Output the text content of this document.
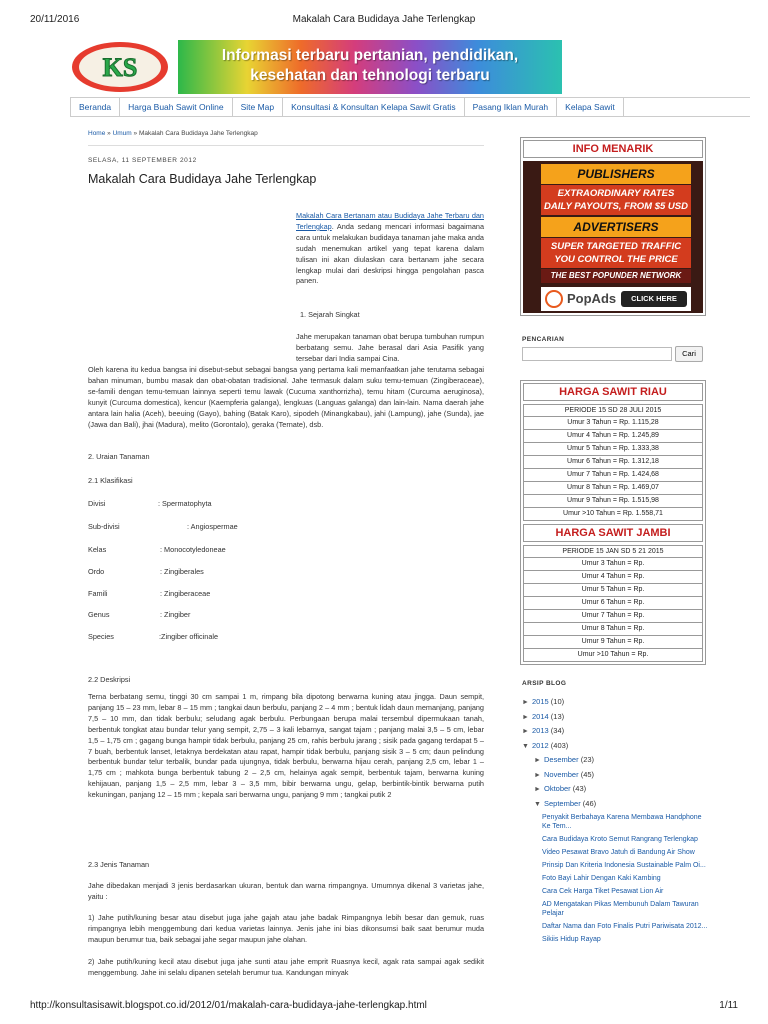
20/11/2016	Makalah Cara Budidaya Jahe Terlengkap
KS	Informasi terbaru pertanian, pendidikan,
kesehatan dan tehnologi terbaru
Beranda	Harga Buah Sawit Online	Site Map	Konsultasi & Konsultan Kelapa Sawit Gratis	Pasang Iklan Murah	Kelapa Sawit
Home » Umum » Makalah Cara Budidaya Jahe Terlengkap
SELASA, 11 SEPTEMBER 2012
Makalah Cara Budidaya Jahe Terlengkap
Makalah Cara Bertanam atau Budidaya Jahe Terbaru dan Terlengkap. Anda sedang mencari informasi bagaimana cara untuk melakukan budidaya tanaman jahe maka anda sudah menemukan artikel yang tepat karena dalam tulisan ini akan diulaskan cara bertanam jahe secara lengkap mulai dari deskripsi hingga pengolahan pasca panen.
1. Sejarah Singkat
Jahe merupakan tanaman obat berupa tumbuhan rumpun berbatang semu. Jahe berasal dari Asia Pasifik yang tersebar dari India sampai Cina.
Oleh karena itu kedua bangsa ini disebut-sebut sebagai bangsa yang pertama kali memanfaatkan jahe terutama sebagai bahan minuman, bumbu masak dan obat-obatan tradisional. Jahe termasuk dalam suku temu-temuan (Zingiberaceae), se-famili dengan temu-temuan lainnya seperti temu lawak (Cucuma xanthorrizha), temu hitam (Curcuma aeruginosa), kunyit (Curcuma domestica), kencur (Kaempferia galanga), lengkuas (Languas galanga) dan lain-lain. Nama daerah jahe antara lain halia (Aceh), beeuing (Gayo), bahing (Batak Karo), sipodeh (Minangkabau), jahi (Lampung), jahe (Sunda), jae (Jawa dan Bali), jhai (Madura), melito (Gorontalo), geraka (Ternate), dsb.
2. Uraian Tanaman
2.1 Klasifikasi
Divisi	: Spermatophyta
Sub-divisi	: Angiospermae
Kelas	: Monocotyledoneae
Ordo	: Zingiberales
Famili	: Zingiberaceae
Genus	: Zingiber
Species	:Zingiber officinale
2.2 Deskripsi
Terna berbatang semu, tinggi 30 cm sampai 1 m, rimpang bila dipotong berwarna kuning atau jingga. Daun sempit, panjang 15 – 23 mm, lebar 8 – 15 mm ; tangkai daun berbulu, panjang 2 – 4 mm ; bentuk lidah daun memanjang, panjang 7,5 – 10 mm, dan tidak berbulu; seludang agak berbulu. Perbungaan berupa malai tersembul dipermukaan tanah, berbentuk tongkat atau bundar telur yang sempit, 2,75 – 3 kali lebarnya, sangat tajam ; panjang malai 3,5 – 5 cm, lebar 1,5 – 1,75 cm ; gagang bunga hampir tidak berbulu, panjang 25 cm, rahis berbulu jarang ; sisik pada gagang terdapat 5 – 7 buah, berbentuk lanset, letaknya berdekatan atau rapat, hampir tidak berbulu, panjang sisik 3 – 5 cm; daun pelindung berbentuk bundar telur terbalik, bundar pada ujungnya, tidak berbulu, berwarna hijau cerah, panjang 2,5 cm, lebar 1 – 1,75 cm ; mahkota bunga berbentuk tabung 2 – 2,5 cm, helainya agak sempit, berbentuk tajam, berwarna kuning kehijauan, panjang 1,5 – 2,5 mm, lebar 3 – 3,5 mm, bibir berwarna ungu, gelap, berbintik-bintik berwarna putih kekuningan, panjang 12 – 15 mm ; kepala sari berwarna ungu, panjang 9 mm ; tangkai putik 2
2.3 Jenis Tanaman
Jahe dibedakan menjadi 3 jenis berdasarkan ukuran, bentuk dan warna rimpangnya. Umumnya dikenal 3 varietas jahe, yaitu :
1) Jahe putih/kuning besar atau disebut juga jahe gajah atau jahe badak Rimpangnya lebih besar dan gemuk, ruas rimpangnya lebih menggembung dari kedua varietas lainnya. Jenis jahe ini bias dikonsumsi baik saat berumur muda maupun berumur tua, baik sebagai jahe segar maupun jahe olahan.
2) Jahe putih/kuning kecil atau disebut juga jahe sunti atau jahe emprit Ruasnya kecil, agak rata sampai agak sedikit menggembung. Jahe ini selalu dipanen setelah berumur tua. Kandungan minyak
INFO MENARIK
PUBLISHERS
EXTRAORDINARY RATES
DAILY PAYOUTS, FROM $5 USD
ADVERTISERS
SUPER TARGETED TRAFFIC
YOU CONTROL THE PRICE
THE BEST POPUNDER NETWORK
PopAds	CLICK HERE
PENCARIAN
Cari
HARGA SAWIT RIAU
PERIODE 15 SD 28 JULI 2015
Umur 3 Tahun = Rp. 1.115,28
Umur 4 Tahun = Rp. 1.245,89
Umur 5 Tahun = Rp. 1.333,38
Umur 6 Tahun = Rp. 1.312,18
Umur 7 Tahun = Rp. 1.424,68
Umur 8 Tahun = Rp. 1.469,07
Umur 9 Tahun = Rp. 1.515,98
Umur >10 Tahun = Rp. 1.558,71
HARGA SAWIT JAMBI
PERIODE 15 JAN SD 5 21 2015
Umur 3 Tahun = Rp.
Umur 4 Tahun = Rp.
Umur 5 Tahun = Rp.
Umur 6 Tahun = Rp.
Umur 7 Tahun = Rp.
Umur 8 Tahun = Rp.
Umur 9 Tahun = Rp.
Umur >10 Tahun = Rp.
ARSIP BLOG
► 2015 (10)
► 2014 (13)
► 2013 (34)
▼ 2012 (403)
► Desember (23)
► November (45)
► Oktober (43)
▼ September (46)
Penyakit Berbahaya Karena Membawa Handphone Ke Tem...
Cara Budidaya Kroto Semut Rangrang Terlengkap
Video Pesawat Bravo Jatuh di Bandung Air Show
Prinsip Dan Kriteria Indonesia Sustainable Palm Oi...
Foto Bayi Lahir Dengan Kaki Kambing
Cara Cek Harga Tiket Pesawat Lion Air
AD Mengatakan Pikas Membunuh Dalam Tawuran Pelajar
Daftar Nama dan Foto Finalis Putri Pariwisata 2012...
Sikiis Hidup Rayap
http://konsultasisawit.blogspot.co.id/2012/01/makalah-cara-budidaya-jahe-terlengkap.html	1/11
